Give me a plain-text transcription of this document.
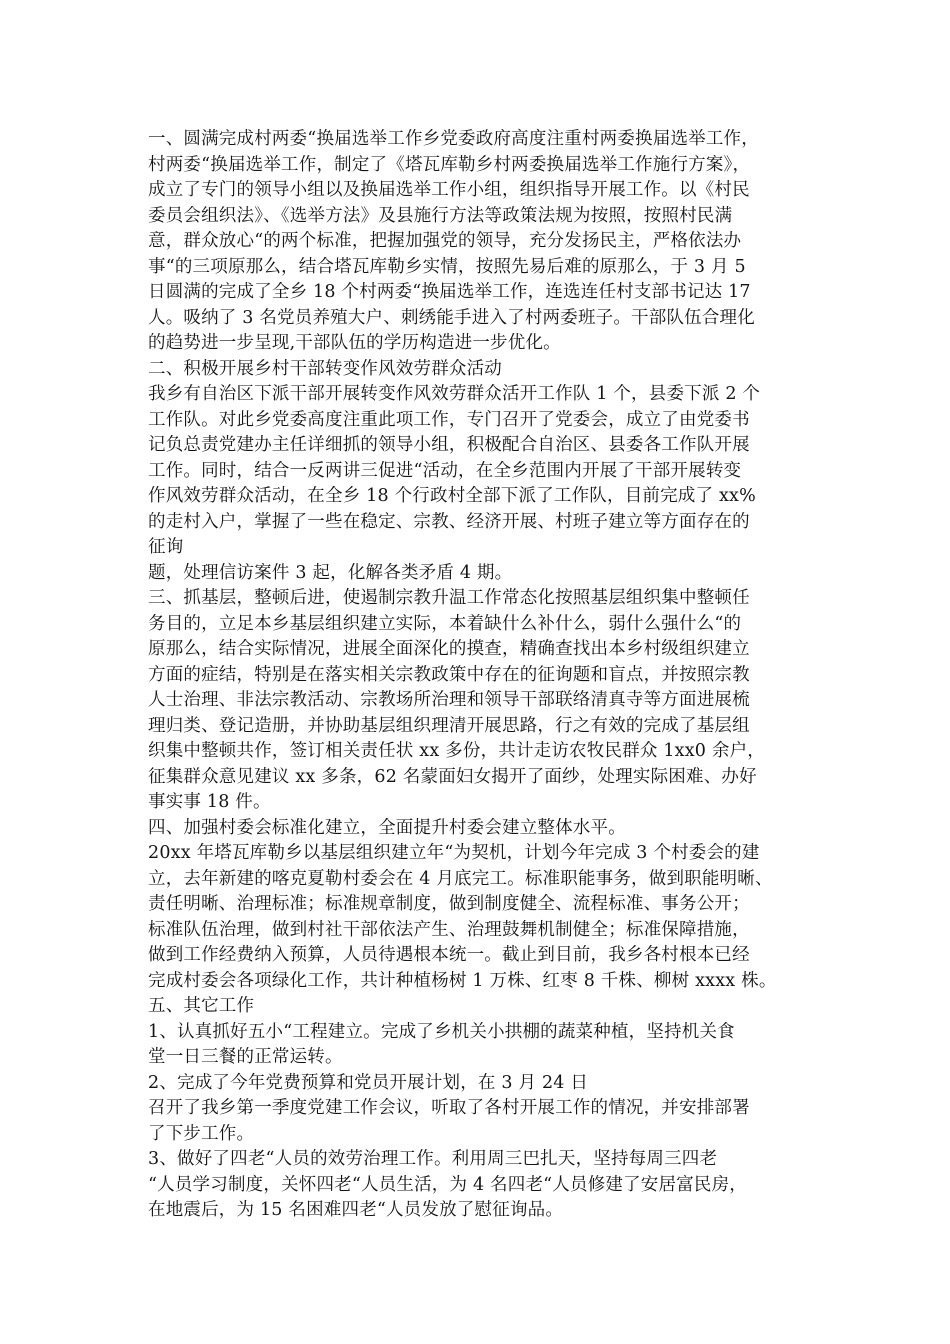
一、圆满完成村两委“换届选举工作乡党委政府高度注重村两委换届选举工作，
村两委“换届选举工作，制定了《塔瓦库勒乡村两委换届选举工作施行方案》，
成立了专门的领导小组以及换届选举工作小组，组织指导开展工作。以《村民
委员会组织法》、《选举方法》及县施行方法等政策法规为按照，按照村民满
意，群众放心“的两个标准，把握加强党的领导，充分发扬民主，严格依法办
事“的三项原那么，结合塔瓦库勒乡实情，按照先易后难的原那么，于 3 月 5
日圆满的完成了全乡 18 个村两委“换届选举工作，连选连任村支部书记达 17
人。吸纳了 3 名党员养殖大户、刺绣能手进入了村两委班子。干部队伍合理化
的趋势进一步呈现,干部队伍的学历构造进一步优化。
二、积极开展乡村干部转变作风效劳群众活动
我乡有自治区下派干部开展转变作风效劳群众活开工作队 1 个，县委下派 2 个
工作队。对此乡党委高度注重此项工作，专门召开了党委会，成立了由党委书
记负总责党建办主任详细抓的领导小组，积极配合自治区、县委各工作队开展
工作。同时，结合一反两讲三促进“活动，在全乡范围内开展了干部开展转变
作风效劳群众活动，在全乡 18 个行政村全部下派了工作队，目前完成了 xx%
的走村入户，掌握了一些在稳定、宗教、经济开展、村班子建立等方面存在的
征询
题，处理信访案件 3 起，化解各类矛盾 4 期。
三、抓基层，整顿后进，使遏制宗教升温工作常态化按照基层组织集中整顿任
务目的，立足本乡基层组织建立实际，本着缺什么补什么，弱什么强什么“的
原那么，结合实际情况，进展全面深化的摸查，精确查找出本乡村级组织建立
方面的症结，特别是在落实相关宗教政策中存在的征询题和盲点，并按照宗教
人士治理、非法宗教活动、宗教场所治理和领导干部联络清真寺等方面进展梳
理归类、登记造册，并协助基层组织理清开展思路，行之有效的完成了基层组
织集中整顿共作，签订相关责任状 xx 多份，共计走访农牧民群众 1xx0 余户，
征集群众意见建议 xx 多条，62 名蒙面妇女揭开了面纱，处理实际困难、办好
事实事 18 件。
四、加强村委会标准化建立，全面提升村委会建立整体水平。
20xx 年塔瓦库勒乡以基层组织建立年“为契机，计划今年完成 3 个村委会的建
立，去年新建的喀克夏勒村委会在 4 月底完工。标准职能事务，做到职能明晰、
责任明晰、治理标准；标准规章制度，做到制度健全、流程标准、事务公开；
标准队伍治理，做到村社干部依法产生、治理鼓舞机制健全；标准保障措施，
做到工作经费纳入预算，人员待遇根本统一。截止到目前，我乡各村根本已经
完成村委会各项绿化工作，共计种植杨树 1 万株、红枣 8 千株、柳树 xxxx 株。
五、其它工作
1、认真抓好五小“工程建立。完成了乡机关小拱棚的蔬菜种植，坚持机关食
堂一日三餐的正常运转。
2、完成了今年党费预算和党员开展计划，在 3 月 24 日
召开了我乡第一季度党建工作会议，听取了各村开展工作的情况，并安排部署
了下步工作。
3、做好了四老“人员的效劳治理工作。利用周三巴扎天，坚持每周三四老
“人员学习制度，关怀四老“人员生活，为 4 名四老“人员修建了安居富民房，
在地震后，为 15 名困难四老“人员发放了慰征询品。
